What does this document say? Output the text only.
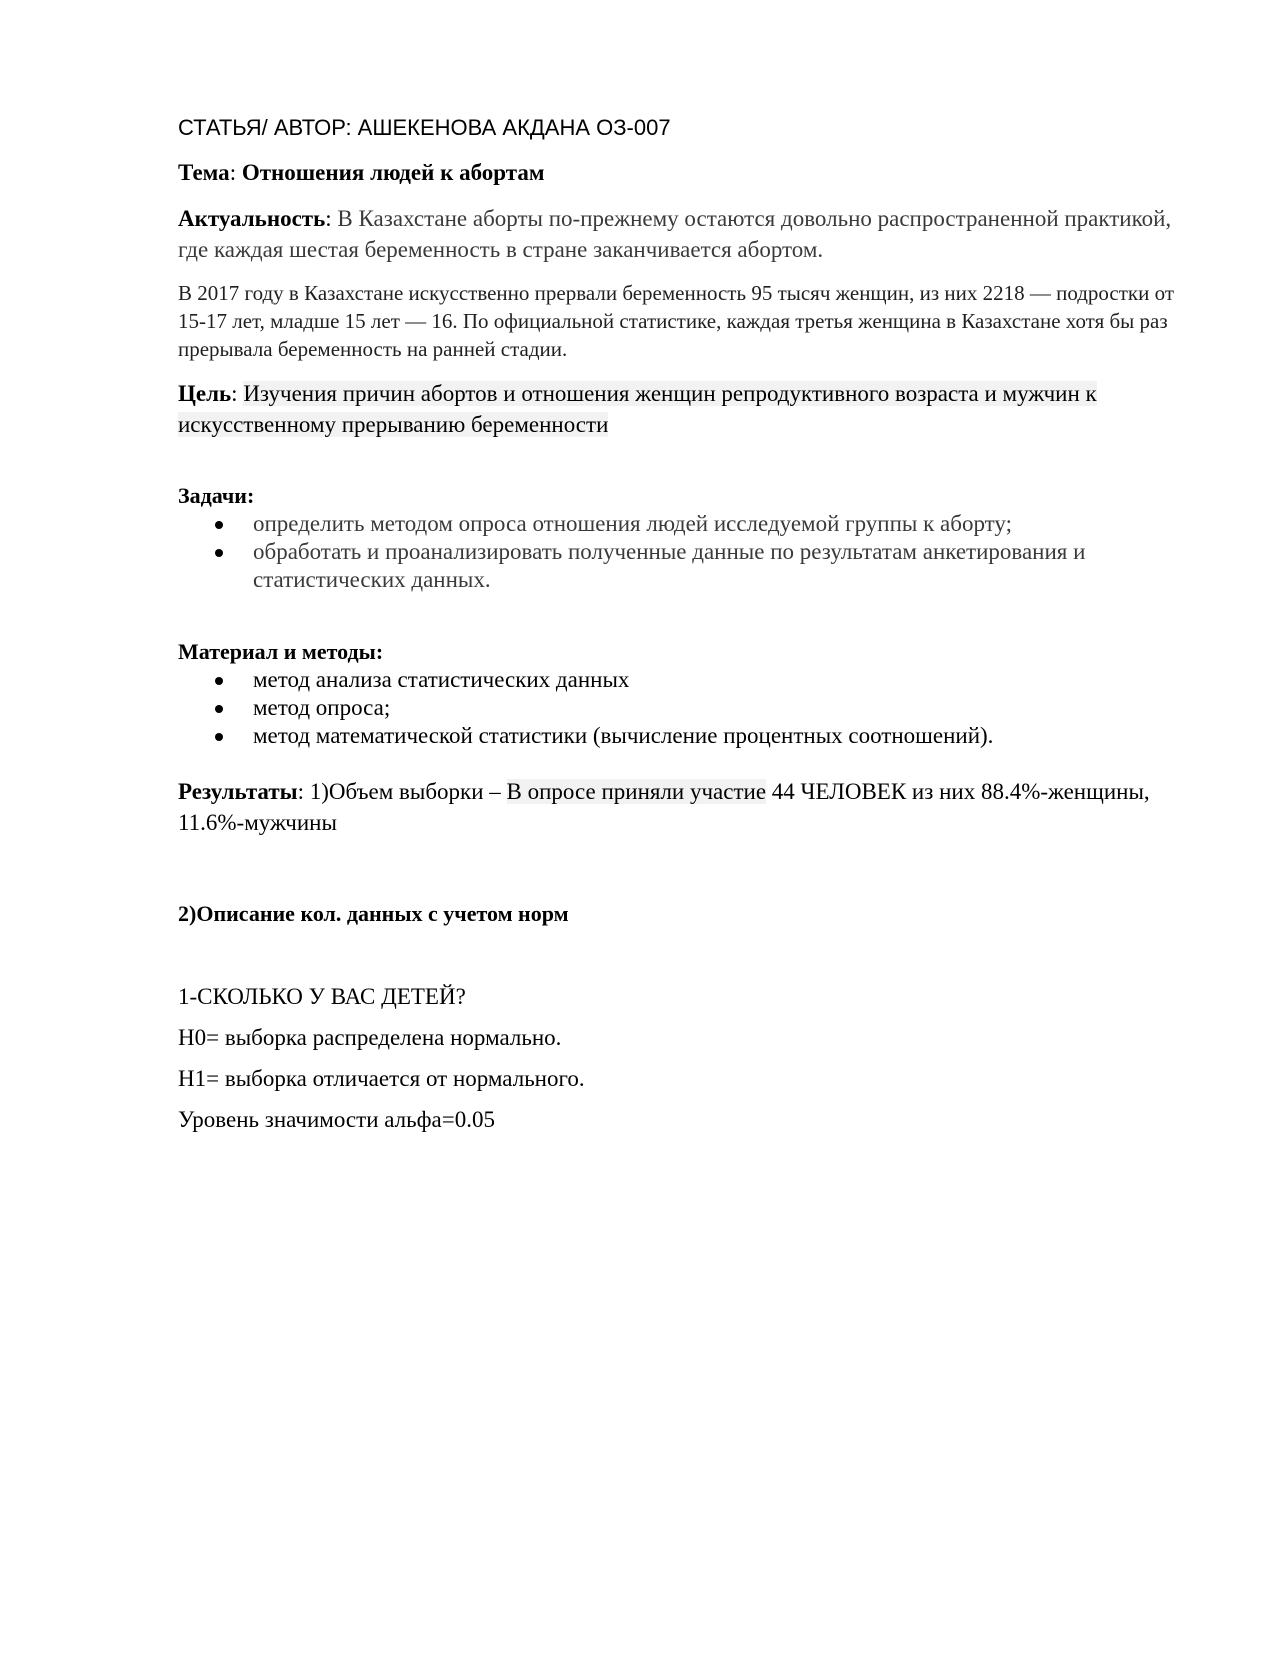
СТАТЬЯ/ АВТОР: АШЕКЕНОВА АКДАНА ОЗ-007

Тема: Отношения людей к абортам

Актуальность: В Казахстане аборты по-прежнему остаются довольно распространенной практикой, где каждая шестая беременность в стране заканчивается абортом.

В 2017 году в Казахстане искусственно прервали беременность 95 тысяч женщин, из них 2218 — подростки от 15-17 лет, младше 15 лет — 16. По официальной статистике, каждая третья женщина в Казахстане хотя бы раз прерывала беременность на ранней стадии.

Цель: Изучения причин абортов и отношения женщин репродуктивного возраста и мужчин к искусственному прерыванию беременности

Задачи:

определить методом опроса отношения людей исследуемой группы к аборту;
обработать и проанализировать полученные данные по результатам анкетирования и статистических данных.

Материал и методы:

метод анализа статистических данных
метод опроса;
метод математической статистики (вычисление процентных соотношений).

Результаты: 1)Объем выборки – В опросе приняли участие 44 ЧЕЛОВЕК из них 88.4%-женщины, 11.6%-мужчины

2)Описание кол. данных с учетом норм

1-СКОЛЬКО У ВАС ДЕТЕЙ?

Н0= выборка распределена нормально.

Н1= выборка отличается от нормального.

Уровень значимости альфа=0.05
